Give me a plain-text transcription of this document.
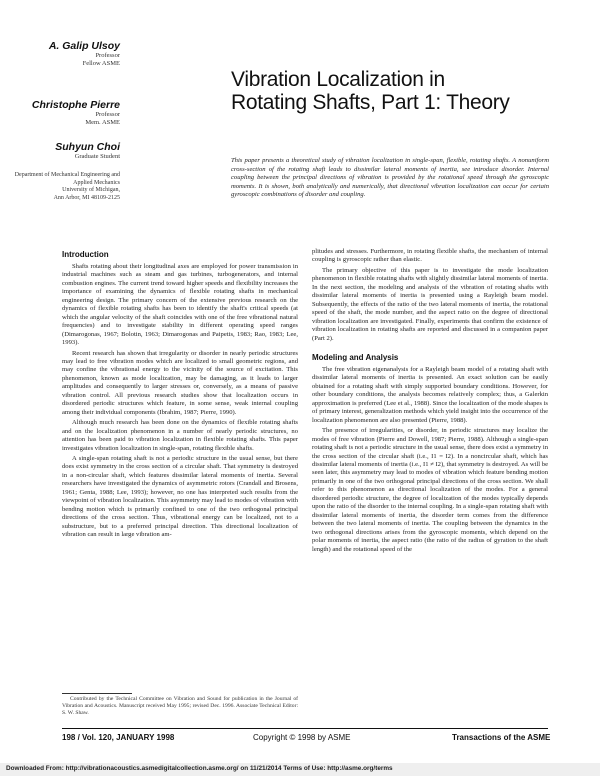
A. Galip Ulsoy
Professor
Fellow ASME
Christophe Pierre
Professor
Mem. ASME
Suhyun Choi
Graduate Student
Department of Mechanical Engineering and
Applied Mechanics
University of Michigan,
Ann Arbor, MI 48109-2125
Vibration Localization in
Rotating Shafts, Part 1: Theory
This paper presents a theoretical study of vibration localization in single-span, flexible, rotating shafts. A nonuniform cross-section of the rotating shaft leads to dissimilar lateral moments of inertia, see introduce disorder. Internal coupling between the principal directions of vibration is provided by the rotational speed through the gyroscopic moments. It is shown, both analytically and numerically, that directional vibration localization can occur for certain gyroscopic combinations of disorder and coupling.
Introduction

Shafts rotating about their longitudinal axes are employed for power transmission in industrial machines such as steam and gas turbines, turbogenerators, and internal combustion engines. The current trend toward higher speeds and flexibility increases the importance of examining the dynamics of flexible rotating shafts in mechanical engineering design. The primary concern of the extensive previous research on the dynamics of flexible rotating shafts has been to identify the shaft's critical speeds (at which the angular velocity of the shaft coincides with one of the free vibrational natural frequencies) and to investigate stability in different operating speed ranges (Dimarogonas, 1967; Bolotin, 1963; Dimarogonas and Paipetis, 1983; Rao, 1983; Lee, 1993).

Recent research has shown that irregularity or disorder in nearly periodic structures may lead to free vibration modes which are localized to small geometric regions, and may confine the vibrational energy to the vicinity of the source of excitation. This phenomenon, known as mode localization, may be damaging, as it leads to larger amplitudes and consequently to larger stresses or, conversely, as a means of passive vibration control. All previous research studies show that localization occurs in disordered periodic structures which feature, in some sense, weak internal coupling among their individual components (Ibrahim, 1987; Pierre, 1990).

Although much research has been done on the dynamics of flexible rotating shafts and on the localization phenomenon in a number of nearly periodic structures, no attention has been paid to vibration localization in flexible rotating shafts. This paper investigates vibration localization in single-span, rotating flexible shafts.

A single-span rotating shaft is not a periodic structure in the usual sense, but there does exist symmetry in the cross section of a circular shaft. That symmetry is destroyed in a non-circular shaft, which features dissimilar lateral moments of inertia. Several researchers have investigated the dynamics of asymmetric rotors (Crandall and Brosens, 1961; Genta, 1988; Lee, 1993); however, no one has interpreted such results from the viewpoint of vibration localization. This asymmetry may lead to modes of vibration with bending motion which is primarily confined to one of the two orthogonal principal directions of the cross section. Thus, vibrational energy can be localized, not to a substructure, but to a preferred principal direction. This directional localization of vibration can result in large vibration am-

Contributed by the Technical Committee on Vibration and Sound for publication in the Journal of Vibration and Acoustics. Manuscript received May 1995; revised Dec. 1996. Associate Technical Editor: S. W. Shaw.

plitudes and stresses. Furthermore, in rotating flexible shafts, the mechanism of internal coupling is gyroscopic rather than elastic.

The primary objective of this paper is to investigate the mode localization phenomenon in flexible rotating shafts with slightly dissimilar lateral moments of inertia. In the next section, the modeling and analysis of the vibration of rotating shafts with dissimilar lateral moments of inertia is presented using a Rayleigh beam model. Subsequently, the effects of the ratio of the two lateral moments of inertia, the rotational speed of the shaft, the mode number, and the aspect ratio on the degree of directional vibration localization are investigated. Finally, experiments that confirm the existence of vibration localization in rotating shafts are reported and discussed in a companion paper (Part 2).

Modeling and Analysis

The free vibration eigenanalysis for a Rayleigh beam model of a rotating shaft with dissimilar lateral moments of inertia is presented. An exact solution can be easily obtained for a rotating shaft with simply supported boundary conditions. However, for other boundary conditions, the analysis becomes relatively complex; thus, a Galerkin approximation is preferred (Lee et al., 1988). Since the localization of the mode shapes is of primary interest, generalization methods which yield insight into the occurrence of the localization phenomenon are also presented (Pierre, 1988).

The presence of irregularities, or disorder, in periodic structures may localize the modes of free vibration (Pierre and Dowell, 1987; Pierre, 1988). Although a single-span rotating shaft is not a periodic structure in the usual sense, there does exist a symmetry in the cross section of the circular shaft (i.e., I1 = I2). In a noncircular shaft, which has dissimilar lateral moments of inertia (i.e., I1 ≠ I2), that symmetry is destroyed. As will be seen later, this asymmetry may lead to modes of vibration which feature bending motion primarily in one of the two orthogonal principal directions of the cross section. We shall refer to this phenomenon as directional localization of the modes. For a general disordered periodic structure, the degree of localization of the modes typically depends upon the ratio of the disorder to the internal coupling. In a single-span rotating shaft with dissimilar lateral moments of inertia, the disorder term comes from the difference between the two lateral moments of inertia. The coupling between the dynamics in the two orthogonal directions arises from the gyroscopic moments, which depend on the polar moments of inertia, the aspect ratio (the ratio of the radius of gyration to the shaft length) and the rotational speed of the

198 / Vol. 120, JANUARY 1998	Copyright © 1998 by ASME	Transactions of the ASME
Downloaded From: http://vibrationacoustics.asmedigitalcollection.asme.org/ on 11/21/2014 Terms of Use: http://asme.org/terms
